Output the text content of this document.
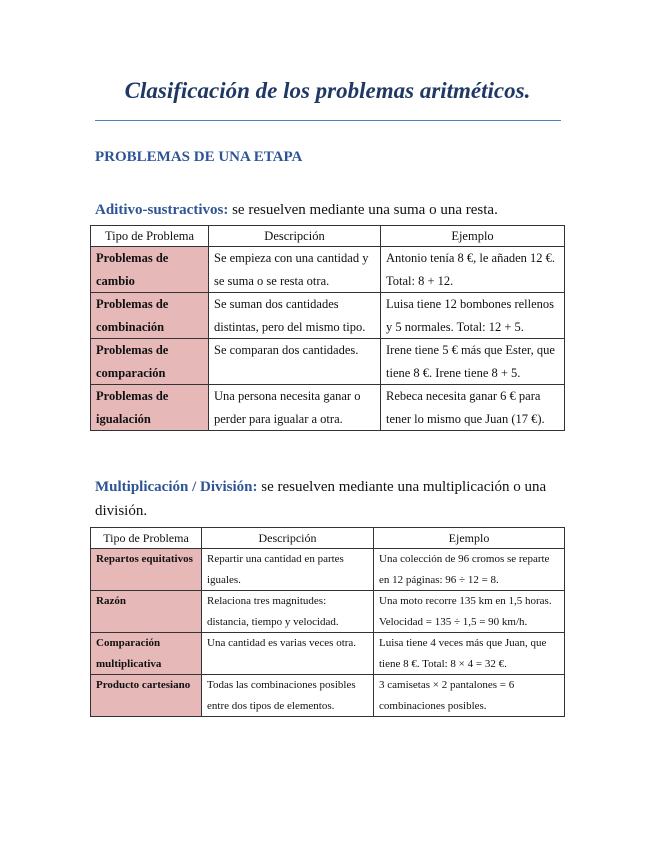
Clasificación de los problemas aritméticos.
PROBLEMAS DE UNA ETAPA

Aditivo-sustractivos: se resuelven mediante una suma o una resta.

Tipo de Problema	Descripción	Ejemplo
Problemas de cambio	Se empieza con una cantidad y se suma o se resta otra.	Antonio tenía 8 €, le añaden 12 €. Total: 8 + 12.
Problemas de combinación	Se suman dos cantidades distintas, pero del mismo tipo.	Luisa tiene 12 bombones rellenos y 5 normales. Total: 12 + 5.
Problemas de comparación	Se comparan dos cantidades.	Irene tiene 5 € más que Ester, que tiene 8 €. Irene tiene 8 + 5.
Problemas de igualación	Una persona necesita ganar o perder para igualar a otra.	Rebeca necesita ganar 6 € para tener lo mismo que Juan (17 €).

Multiplicación / División: se resuelven mediante una multiplicación o una división.

Tipo de Problema	Descripción	Ejemplo
Repartos equitativos	Repartir una cantidad en partes iguales.	Una colección de 96 cromos se reparte en 12 páginas: 96 ÷ 12 = 8.
Razón	Relaciona tres magnitudes: distancia, tiempo y velocidad.	Una moto recorre 135 km en 1,5 horas. Velocidad = 135 ÷ 1,5 = 90 km/h.
Comparación multiplicativa	Una cantidad es varias veces otra.	Luisa tiene 4 veces más que Juan, que tiene 8 €. Total: 8 × 4 = 32 €.
Producto cartesiano	Todas las combinaciones posibles entre dos tipos de elementos.	3 camisetas × 2 pantalones = 6 combinaciones posibles.
